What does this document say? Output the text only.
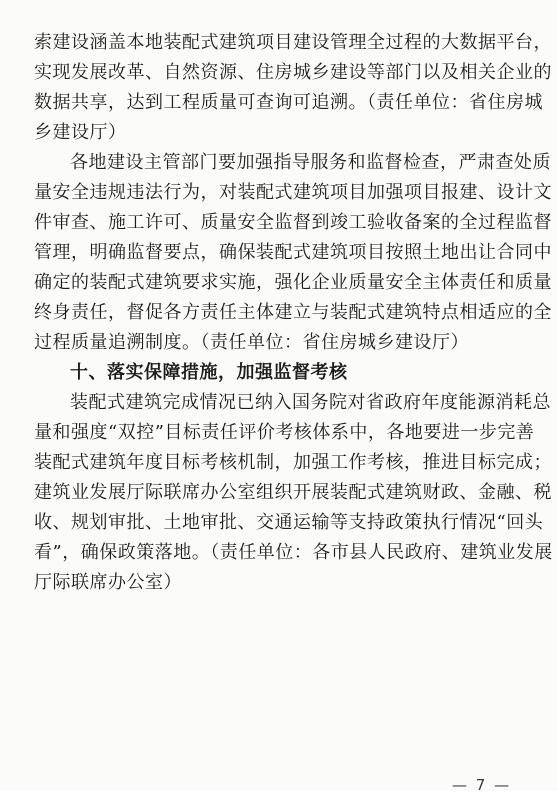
索建设涵盖本地装配式建筑项目建设管理全过程的大数据平台，
实现发展改革、自然资源、住房城乡建设等部门以及相关企业的
数据共享，达到工程质量可查询可追溯。（责任单位：省住房城
乡建设厅）
各地建设主管部门要加强指导服务和监督检查，严肃查处质
量安全违规违法行为，对装配式建筑项目加强项目报建、设计文
件审查、施工许可、质量安全监督到竣工验收备案的全过程监督
管理，明确监督要点，确保装配式建筑项目按照土地出让合同中
确定的装配式建筑要求实施，强化企业质量安全主体责任和质量
终身责任，督促各方责任主体建立与装配式建筑特点相适应的全
过程质量追溯制度。（责任单位：省住房城乡建设厅）
十、落实保障措施，加强监督考核
装配式建筑完成情况已纳入国务院对省政府年度能源消耗总
量和强度“双控”目标责任评价考核体系中，各地要进一步完善
装配式建筑年度目标考核机制，加强工作考核，推进目标完成；
建筑业发展厅际联席办公室组织开展装配式建筑财政、金融、税
收、规划审批、土地审批、交通运输等支持政策执行情况“回头
看”，确保政策落地。（责任单位：各市县人民政府、建筑业发展
厅际联席办公室）
— 7 —
